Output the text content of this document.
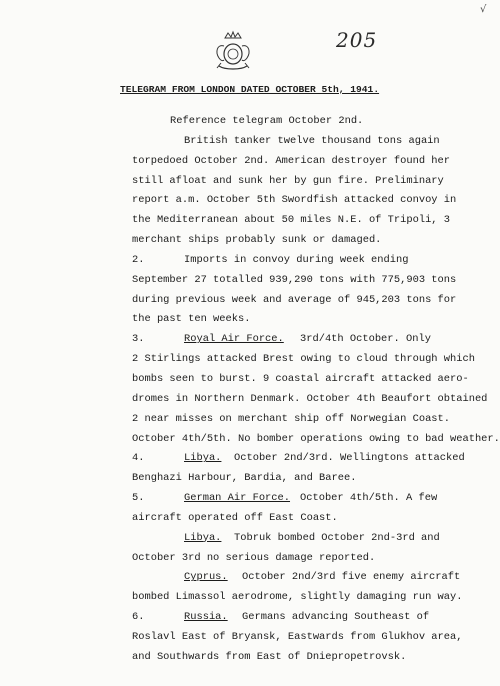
√
205
TELEGRAM FROM LONDON DATED OCTOBER 5th, 1941.
Reference telegram October 2nd.
British tanker twelve thousand tons again
torpedoed October 2nd. American destroyer found her
still afloat and sunk her by gun fire. Preliminary
report a.m. October 5th Swordfish attacked convoy in
the Mediterranean about 50 miles N.E. of Tripoli, 3
merchant ships probably sunk or damaged.
2.	Imports in convoy during week ending
September 27 totalled 939,290 tons with 775,903 tons
during previous week and average of 945,203 tons for
the past ten weeks.
3.	Royal Air Force. 3rd/4th October. Only
2 Stirlings attacked Brest owing to cloud through which
bombs seen to burst. 9 coastal aircraft attacked aero-
dromes in Northern Denmark. October 4th Beaufort obtained
2 near misses on merchant ship off Norwegian Coast.
October 4th/5th. No bomber operations owing to bad weather.
4.	Libya. October 2nd/3rd. Wellingtons attacked
Benghazi Harbour, Bardia, and Baree.
5.	German Air Force. October 4th/5th. A few
aircraft operated off East Coast.
Libya. Tobruk bombed October 2nd-3rd and
October 3rd no serious damage reported.
Cyprus. October 2nd/3rd five enemy aircraft
bombed Limassol aerodrome, slightly damaging run way.
6.	Russia. Germans advancing Southeast of
Roslavl East of Bryansk, Eastwards from Glukhov area,
and Southwards from East of Dniepropetrovsk.
